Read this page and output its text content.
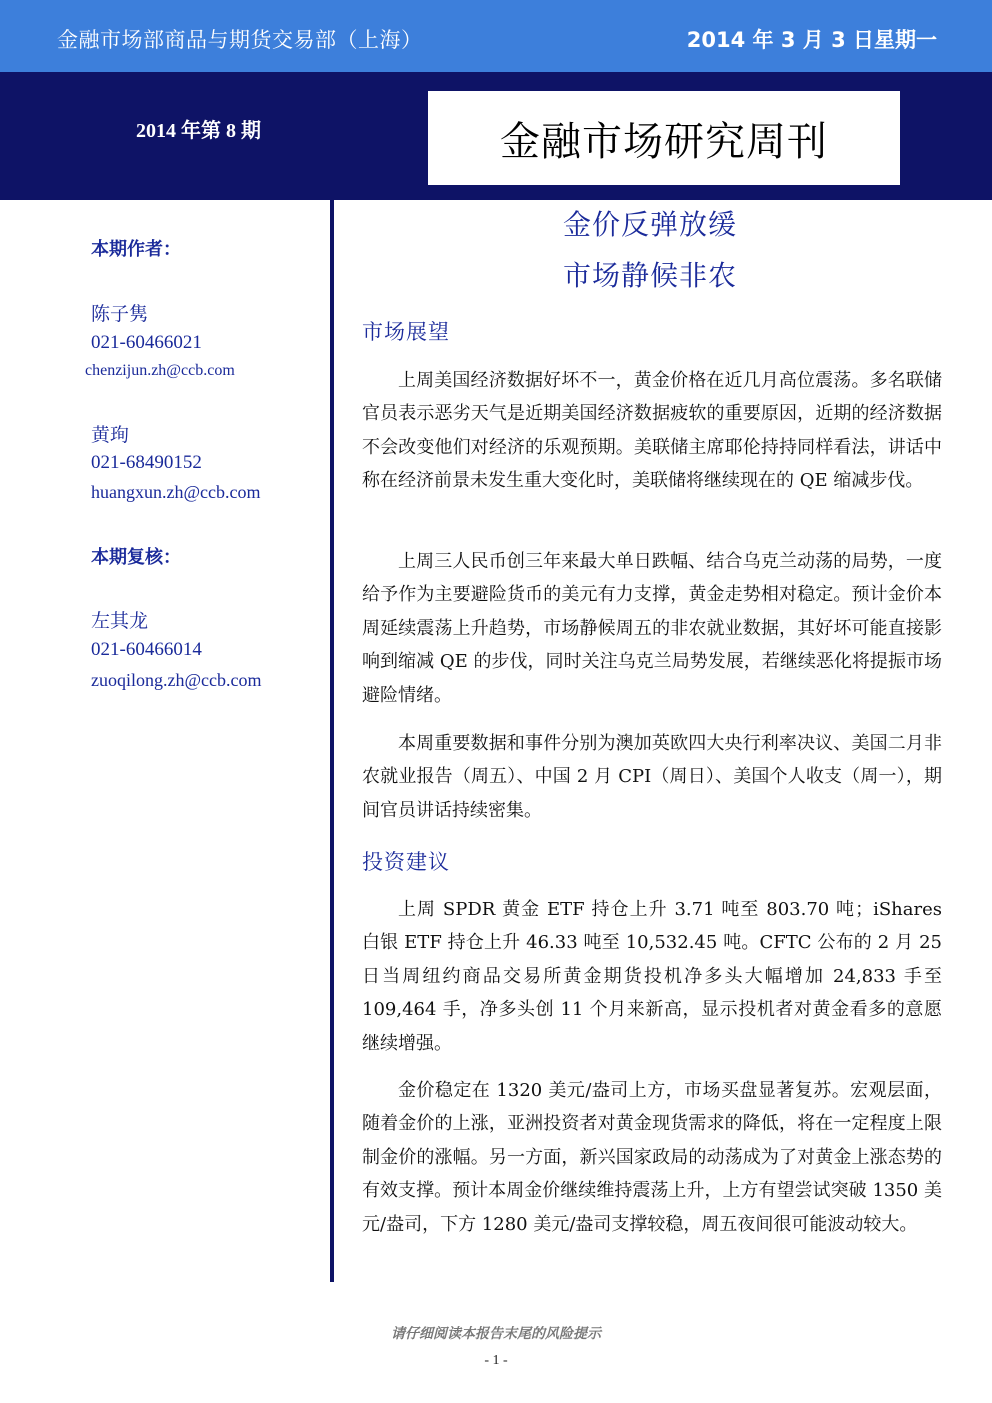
金融市场部商品与期货交易部（上海）	2014 年 3 月 3 日星期一
2014 年第 8 期	金融市场研究周刊
本期作者：
陈子隽
021-60466021
chenzijun.zh@ccb.com
黄珣
021-68490152
huangxun.zh@ccb.com
本期复核：
左其龙
021-60466014
zuoqilong.zh@ccb.com
金价反弹放缓
市场静候非农
市场展望

上周美国经济数据好坏不一，黄金价格在近几月高位震荡。多名联储官员表示恶劣天气是近期美国经济数据疲软的重要原因，近期的经济数据不会改变他们对经济的乐观预期。美联储主席耶伦持持同样看法，讲话中称在经济前景未发生重大变化时，美联储将继续现在的 QE 缩减步伐。

上周三人民币创三年来最大单日跌幅、结合乌克兰动荡的局势，一度给予作为主要避险货币的美元有力支撑，黄金走势相对稳定。预计金价本周延续震荡上升趋势，市场静候周五的非农就业数据，其好坏可能直接影响到缩减 QE 的步伐，同时关注乌克兰局势发展，若继续恶化将提振市场避险情绪。

本周重要数据和事件分别为澳加英欧四大央行利率决议、美国二月非农就业报告（周五）、中国 2 月 CPI（周日）、美国个人收支（周一），期间官员讲话持续密集。

投资建议

上周 SPDR 黄金 ETF 持仓上升 3.71 吨至 803.70 吨；iShares 白银 ETF 持仓上升 46.33 吨至 10,532.45 吨。CFTC 公布的 2 月 25 日当周纽约商品交易所黄金期货投机净多头大幅增加 24,833 手至 109,464 手，净多头创 11 个月来新高，显示投机者对黄金看多的意愿继续增强。

金价稳定在 1320 美元/盎司上方，市场买盘显著复苏。宏观层面，随着金价的上涨，亚洲投资者对黄金现货需求的降低，将在一定程度上限制金价的涨幅。另一方面，新兴国家政局的动荡成为了对黄金上涨态势的有效支撑。预计本周金价继续维持震荡上升，上方有望尝试突破 1350 美元/盎司，下方 1280 美元/盎司支撑较稳，周五夜间很可能波动较大。

请仔细阅读本报告末尾的风险提示
- 1 -
